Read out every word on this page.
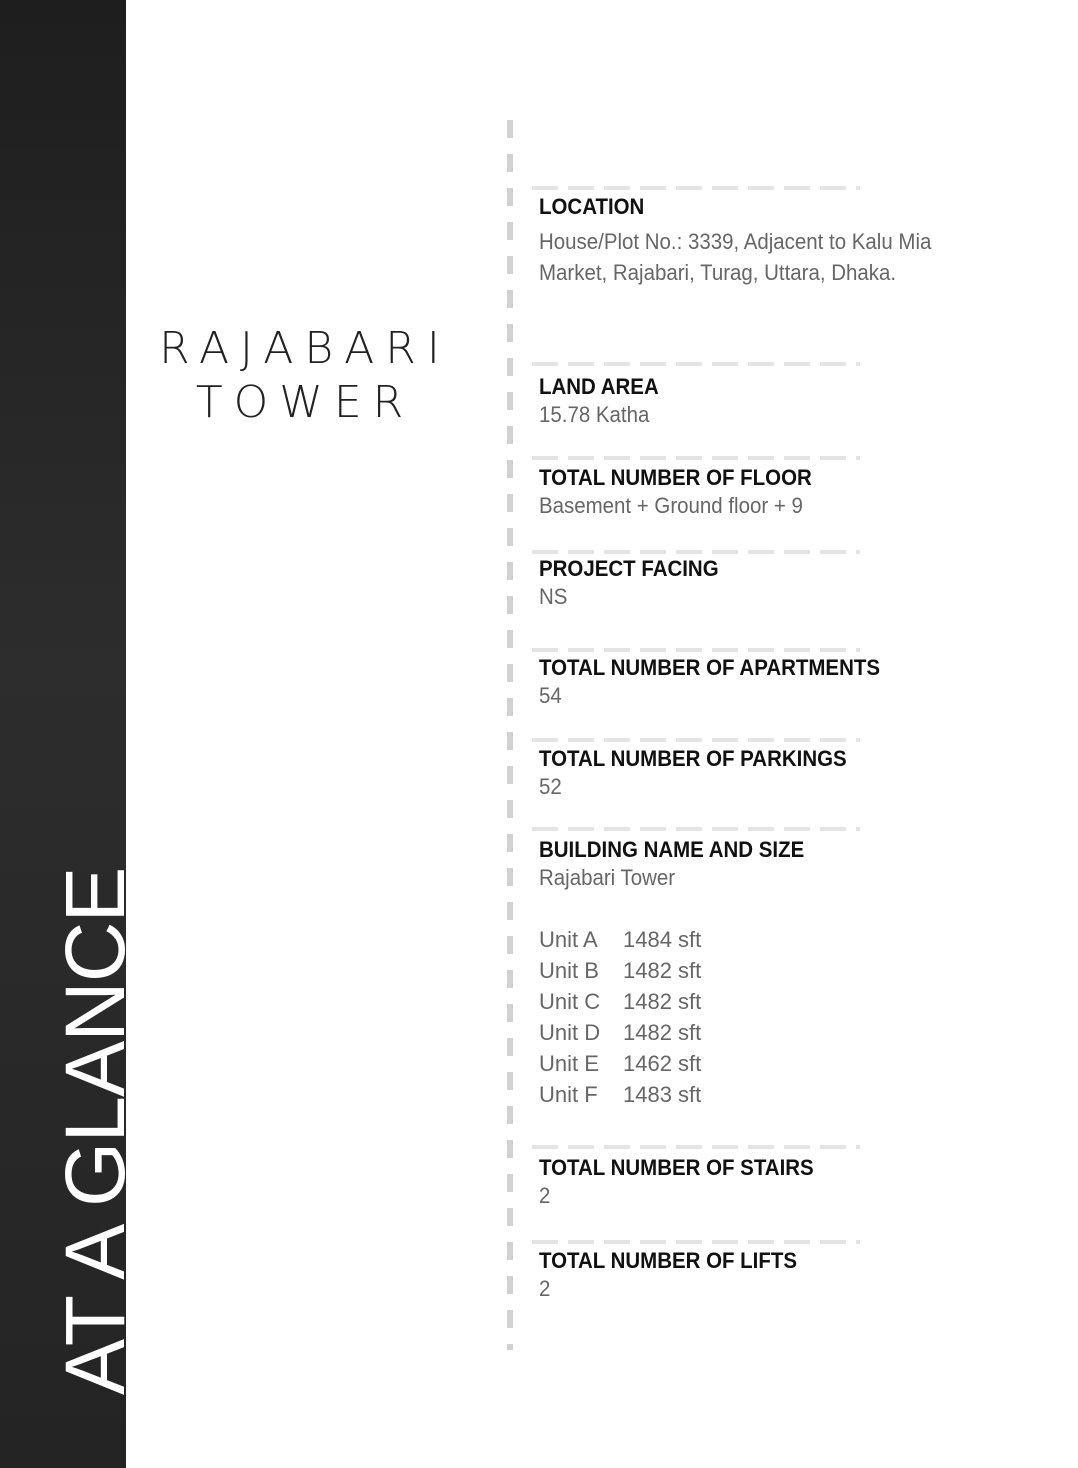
AT A GLANCE
RAJABARI
TOWER
LOCATION
House/Plot No.: 3339, Adjacent to Kalu Mia
Market, Rajabari, Turag, Uttara, Dhaka.
LAND AREA
15.78 Katha
TOTAL NUMBER OF FLOOR
Basement + Ground floor + 9
PROJECT FACING
NS
TOTAL NUMBER OF APARTMENTS
54
TOTAL NUMBER OF PARKINGS
52
BUILDING NAME AND SIZE
Rajabari Tower
Unit A	1484 sft
Unit B	1482 sft
Unit C	1482 sft
Unit D	1482 sft
Unit E	1462 sft
Unit F	1483 sft
TOTAL NUMBER OF STAIRS
2
TOTAL NUMBER OF LIFTS
2
